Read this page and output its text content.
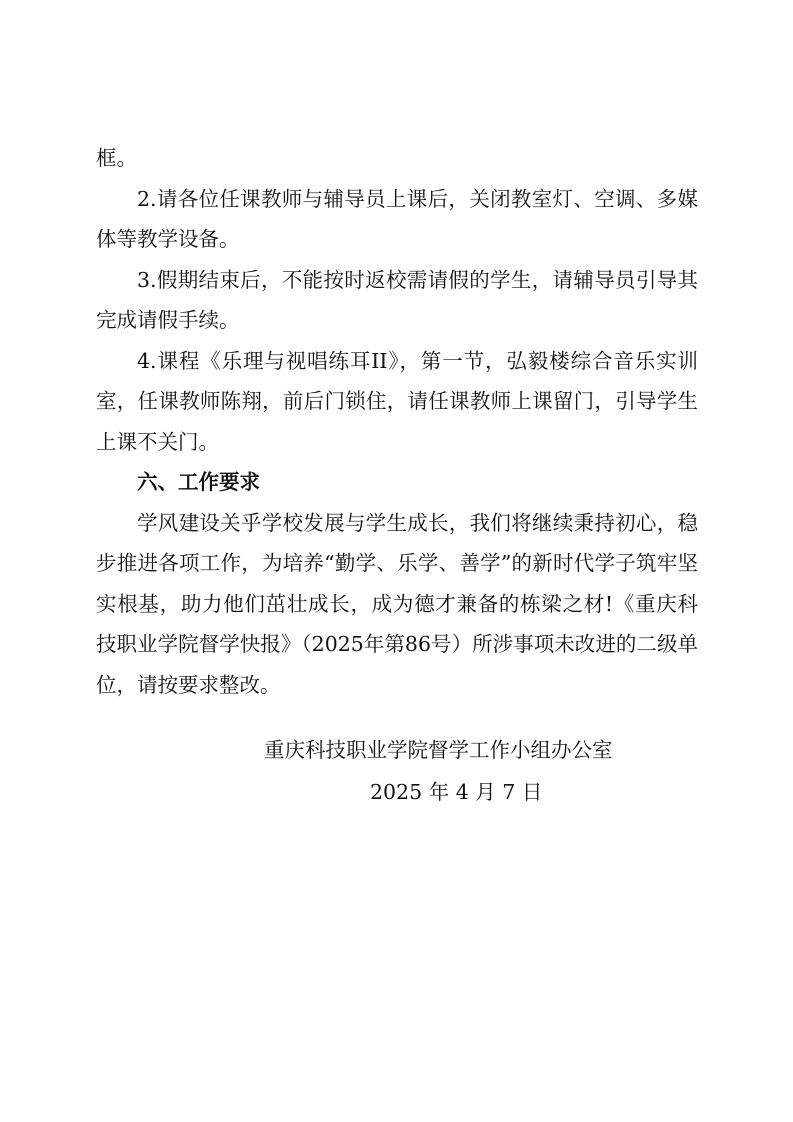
框。

2.请各位任课教师与辅导员上课后，关闭教室灯、空调、多媒体等教学设备。

3.假期结束后，不能按时返校需请假的学生，请辅导员引导其完成请假手续。

4.课程《乐理与视唱练耳II》，第一节，弘毅楼综合音乐实训室，任课教师陈翔，前后门锁住，请任课教师上课留门，引导学生上课不关门。

六、工作要求

学风建设关乎学校发展与学生成长，我们将继续秉持初心，稳步推进各项工作，为培养“勤学、乐学、善学”的新时代学子筑牢坚实根基，助力他们茁壮成长，成为德才兼备的栋梁之材!《重庆科技职业学院督学快报》（2025年第86号）所涉事项未改进的二级单位，请按要求整改。

重庆科技职业学院督学工作小组办公室
2025 年 4 月 7 日
